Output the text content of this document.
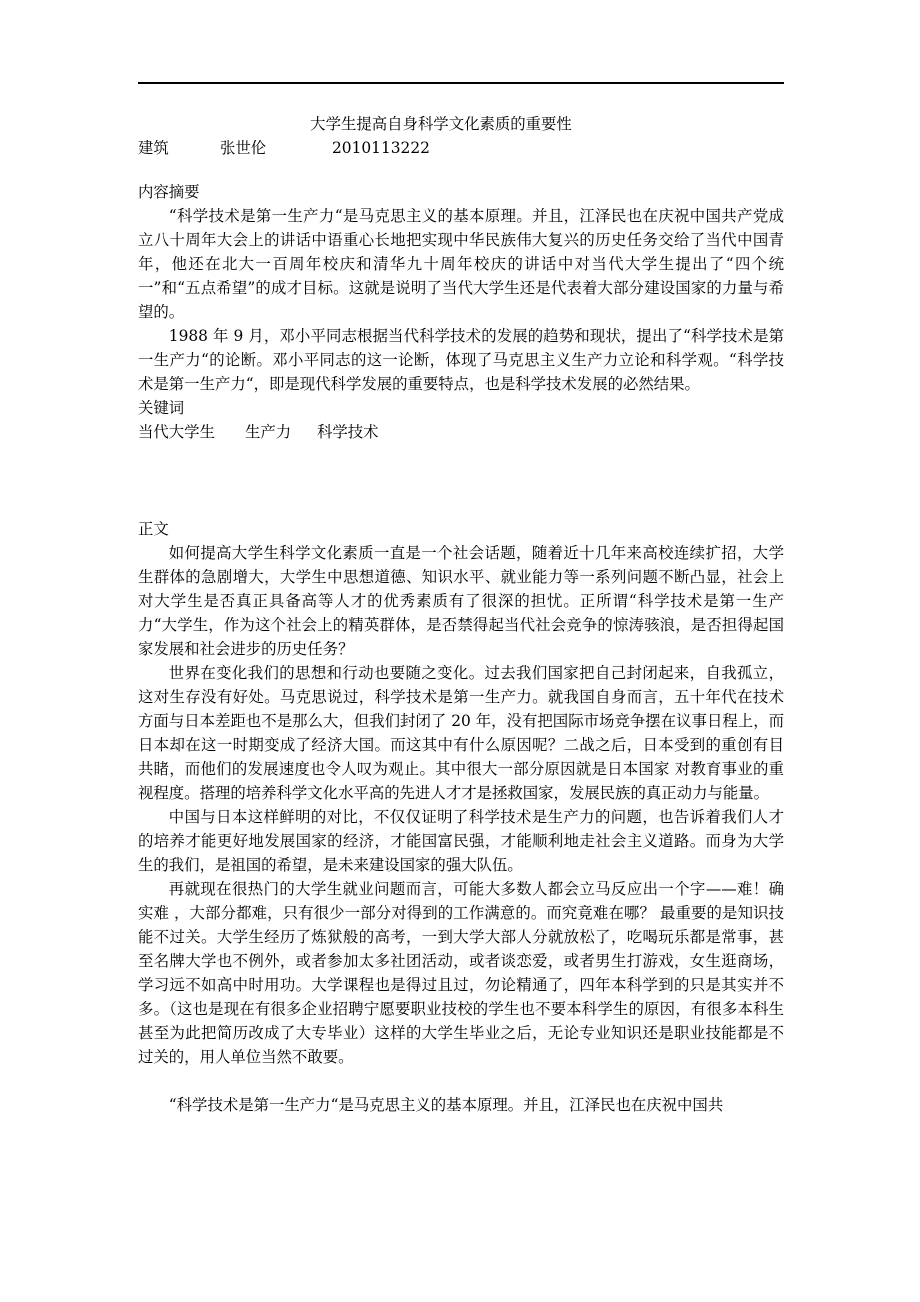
大学生提高自身科学文化素质的重要性

建筑	张世伦	2010113222

内容摘要

“科学技术是第一生产力“是马克思主义的基本原理。并且，江泽民也在庆祝中国共产党成立八十周年大会上的讲话中语重心长地把实现中华民族伟大复兴的历史任务交给了当代中国青年，他还在北大一百周年校庆和清华九十周年校庆的讲话中对当代大学生提出了“四个统一”和“五点希望”的成才目标。这就是说明了当代大学生还是代表着大部分建设国家的力量与希望的。

1988 年 9 月，邓小平同志根据当代科学技术的发展的趋势和现状，提出了“科学技术是第一生产力“的论断。邓小平同志的这一论断，体现了马克思主义生产力立论和科学观。“科学技术是第一生产力“，即是现代科学发展的重要特点，也是科学技术发展的必然结果。

关键词

当代大学生 生产力 科学技术

正文

如何提高大学生科学文化素质一直是一个社会话题，随着近十几年来高校连续扩招，大学生群体的急剧增大，大学生中思想道德、知识水平、就业能力等一系列问题不断凸显，社会上对大学生是否真正具备高等人才的优秀素质有了很深的担忧。正所谓“科学技术是第一生产力“大学生，作为这个社会上的精英群体，是否禁得起当代社会竞争的惊涛骇浪，是否担得起国家发展和社会进步的历史任务？

世界在变化我们的思想和行动也要随之变化。过去我们国家把自己封闭起来，自我孤立，这对生存没有好处。马克思说过，科学技术是第一生产力。就我国自身而言，五十年代在技术方面与日本差距也不是那么大，但我们封闭了 20 年，没有把国际市场竞争摆在议事日程上，而日本却在这一时期变成了经济大国。而这其中有什么原因呢？二战之后，日本受到的重创有目共睹，而他们的发展速度也令人叹为观止。其中很大一部分原因就是日本国家 对教育事业的重视程度。搭理的培养科学文化水平高的先进人才才是拯救国家，发展民族的真正动力与能量。

中国与日本这样鲜明的对比，不仅仅证明了科学技术是生产力的问题，也告诉着我们人才的培养才能更好地发展国家的经济，才能国富民强，才能顺利地走社会主义道路。而身为大学生的我们，是祖国的希望，是未来建设国家的强大队伍。

再就现在很热门的大学生就业问题而言，可能大多数人都会立马反应出一个字——难！确实难 ，大部分都难，只有很少一部分对得到的工作满意的。而究竟难在哪？ 最重要的是知识技能不过关。大学生经历了炼狱般的高考，一到大学大部人分就放松了，吃喝玩乐都是常事，甚至名牌大学也不例外，或者参加太多社团活动，或者谈恋爱，或者男生打游戏，女生逛商场，学习远不如高中时用功。大学课程也是得过且过，勿论精通了，四年本科学到的只是其实并不多。（这也是现在有很多企业招聘宁愿要职业技校的学生也不要本科学生的原因，有很多本科生甚至为此把简历改成了大专毕业）这样的大学生毕业之后，无论专业知识还是职业技能都是不过关的，用人单位当然不敢要。

“科学技术是第一生产力“是马克思主义的基本原理。并且，江泽民也在庆祝中国共
